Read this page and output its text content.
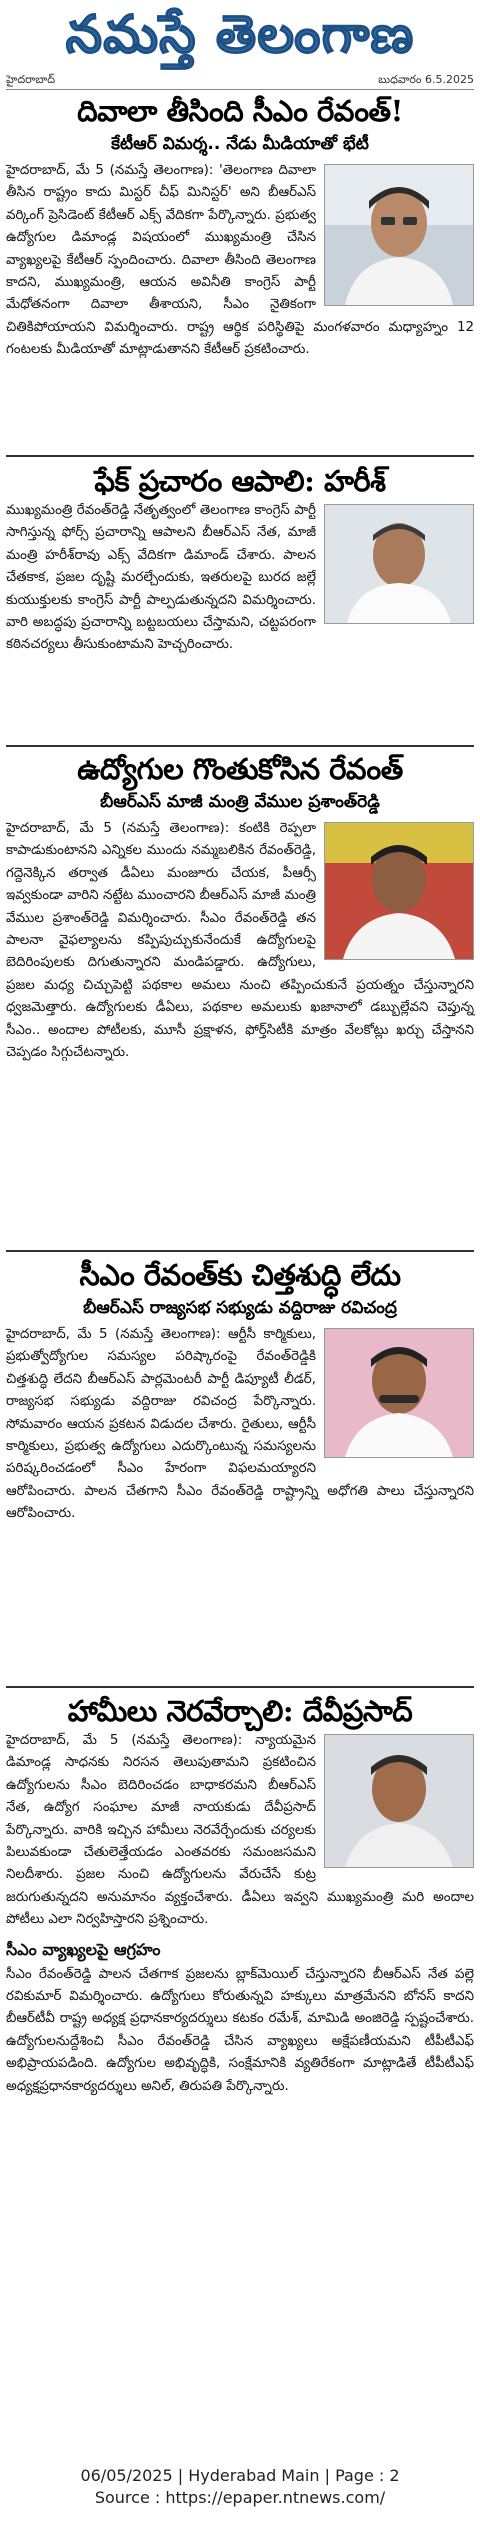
నమస్తే తెలంగాణ
హైదరాబాద్	బుధవారం 6.5.2025
దివాలా తీసింది సీఎం రేవంత్!
కేటీఆర్ విమర్శ.. నేడు మీడియాతో భేటీ

హైదరాబాద్, మే 5 (నమస్తే తెలంగాణ): 'తెలంగాణ దివాలా తీసిన రాష్ట్రం కాదు మిస్టర్ చీఫ్ మినిస్టర్' అని బీఆర్ఎస్ వర్కింగ్ ప్రెసిడెంట్ కేటీఆర్ ఎక్స్ వేదికగా పేర్కొన్నారు. ప్రభుత్వ ఉద్యోగుల డిమాండ్ల విషయంలో ముఖ్యమంత్రి చేసిన వ్యాఖ్యలపై కేటీఆర్ స్పందించారు. దివాలా తీసింది తెలంగాణ కాదని, ముఖ్యమంత్రి, ఆయన అవినీతి కాంగ్రెస్ పార్టీ మేధోతనంగా దివాలా తీశాయని, సీఎం నైతికంగా చితికిపోయాయని విమర్శించారు. రాష్ట్ర ఆర్థిక పరిస్థితిపై మంగళవారం మధ్యాహ్నం 12 గంటలకు మీడియాతో మాట్లాడుతానని కేటీఆర్ ప్రకటించారు.

ఫేక్ ప్రచారం ఆపాలి: హరీశ్

ముఖ్యమంత్రి రేవంత్‌రెడ్డి నేతృత్వంలో తెలంగాణ కాంగ్రెస్ పార్టీ సాగిస్తున్న ఫోర్స్ ప్రచారాన్ని ఆపాలని బీఆర్ఎస్ నేత, మాజీ మంత్రి హరీశ్‌రావు ఎక్స్ వేదికగా డిమాండ్ చేశారు. పాలన చేతకాక, ప్రజల దృష్టి మరల్చేందుకు, ఇతరులపై బురద జల్లే కుయుక్తులకు కాంగ్రెస్ పార్టీ పాల్పడుతున్నదని విమర్శించారు. వారి అబద్ధపు ప్రచారాన్ని బట్టబయలు చేస్తామని, చట్టపరంగా కఠినచర్యలు తీసుకుంటామని హెచ్చరించారు.

ఉద్యోగుల గొంతుకోసిన రేవంత్
బీఆర్ఎస్ మాజీ మంత్రి వేముల ప్రశాంత్‌రెడ్డి

హైదరాబాద్, మే 5 (నమస్తే తెలంగాణ): కంటికి రెప్పలా కాపాడుకుంటానని ఎన్నికల ముందు నమ్మబలికిన రేవంత్‌రెడ్డి, గద్దెనెక్కిన తర్వాత డీఏలు మంజూరు చేయక, పీఆర్సీ ఇవ్వకుండా వారిని నట్టేట ముంచారని బీఆర్ఎస్ మాజీ మంత్రి వేముల ప్రశాంత్‌రెడ్డి విమర్శించారు. సీఎం రేవంత్‌రెడ్డి తన పాలనా వైఫల్యాలను కప్పిపుచ్చుకునేందుకే ఉద్యోగులపై బెదిరింపులకు దిగుతున్నారని మండిపడ్డారు. ఉద్యోగులు, ప్రజల మధ్య చిచ్చుపెట్టి పథకాల అమలు నుంచి తప్పించుకునే ప్రయత్నం చేస్తున్నారని ధ్వజమెత్తారు. ఉద్యోగులకు డీఏలు, పథకాల అమలుకు ఖజానాలో డబ్బుల్లేవని చెప్తున్న సీఎం.. అందాల పోటీలకు, మూసీ ప్రక్షాళన, ఫోర్త్‌సిటీకి మాత్రం వేలకోట్లు ఖర్చు చేస్తానని చెప్పడం సిగ్గుచేటన్నారు.

సీఎం రేవంత్‌కు చిత్తశుద్ధి లేదు
బీఆర్ఎస్ రాజ్యసభ సభ్యుడు వద్దిరాజు రవిచంద్ర

హైదరాబాద్, మే 5 (నమస్తే తెలంగాణ): ఆర్టీసీ కార్మికులు, ప్రభుత్వోద్యోగుల సమస్యల పరిష్కారంపై రేవంత్‌రెడ్డికి చిత్తశుద్ధి లేదని బీఆర్ఎస్ పార్లమెంటరీ పార్టీ డిప్యూటీ లీడర్, రాజ్యసభ సభ్యుడు వద్దిరాజు రవిచంద్ర పేర్కొన్నారు. సోమవారం ఆయన ప్రకటన విడుదల చేశారు. రైతులు, ఆర్టీసీ కార్మికులు, ప్రభుత్వ ఉద్యోగులు ఎదుర్కొంటున్న సమస్యలను పరిష్కరించడంలో సీఎం హేరంగా విఫలమయ్యారని ఆరోపించారు. పాలన చేతగాని సీఎం రేవంత్‌రెడ్డి రాష్ట్రాన్ని అధోగతి పాలు చేస్తున్నారని ఆరోపించారు.

హామీలు నెరవేర్చాలి: దేవీప్రసాద్

హైదరాబాద్, మే 5 (నమస్తే తెలంగాణ): న్యాయమైన డిమాండ్ల సాధనకు నిరసన తెలుపుతామని ప్రకటించిన ఉద్యోగులను సీఎం బెదిరించడం బాధాకరమని బీఆర్ఎస్ నేత, ఉద్యోగ సంఘాల మాజీ నాయకుడు దేవీప్రసాద్ పేర్కొన్నారు. వారికి ఇచ్చిన హామీలు నెరవేర్చేందుకు చర్యలకు పిలువకుండా చేతులెత్తేయడం ఎంతవరకు సమంజసమని నిలదీశారు. ప్రజల నుంచి ఉద్యోగులను వేరుచేసే కుట్ర జరుగుతున్నదని అనుమానం వ్యక్తంచేశారు. డీఏలు ఇవ్వని ముఖ్యమంత్రి మరి అందాల పోటీలు ఎలా నిర్వహిస్తారని ప్రశ్నించారు.

సీఎం వ్యాఖ్యలపై ఆగ్రహం

సీఎం రేవంత్‌రెడ్డి పాలన చేతగాక ప్రజలను బ్లాక్‌మెయిల్ చేస్తున్నారని బీఆర్ఎస్ నేత పల్లె రవికుమార్ విమర్శించారు. ఉద్యోగులు కోరుతున్నవి హక్కులు మాత్రమేనని బోనస్ కాదని బీఆర్‌టీవీ రాష్ట్ర అధ్యక్ష ప్రధానకార్యదర్శులు కటకం రమేశ్, మామిడి అంజిరెడ్డి స్పష్టంచేశారు. ఉద్యోగులనుద్దేశించి సీఎం రేవంత్‌రెడ్డి చేసిన వ్యాఖ్యలు అక్షేపణీయమని టీపీటీఎఫ్ అభిప్రాయపడింది. ఉద్యోగుల అభివృద్ధికి, సంక్షేమానికి వ్యతిరేకంగా మాట్లాడితే టీపీటీఎఫ్ అధ్యక్షప్రధానకార్యదర్శులు అనిల్, తిరుపతి పేర్కొన్నారు.

06/05/2025 | Hyderabad Main | Page : 2
Source : https://epaper.ntnews.com/
